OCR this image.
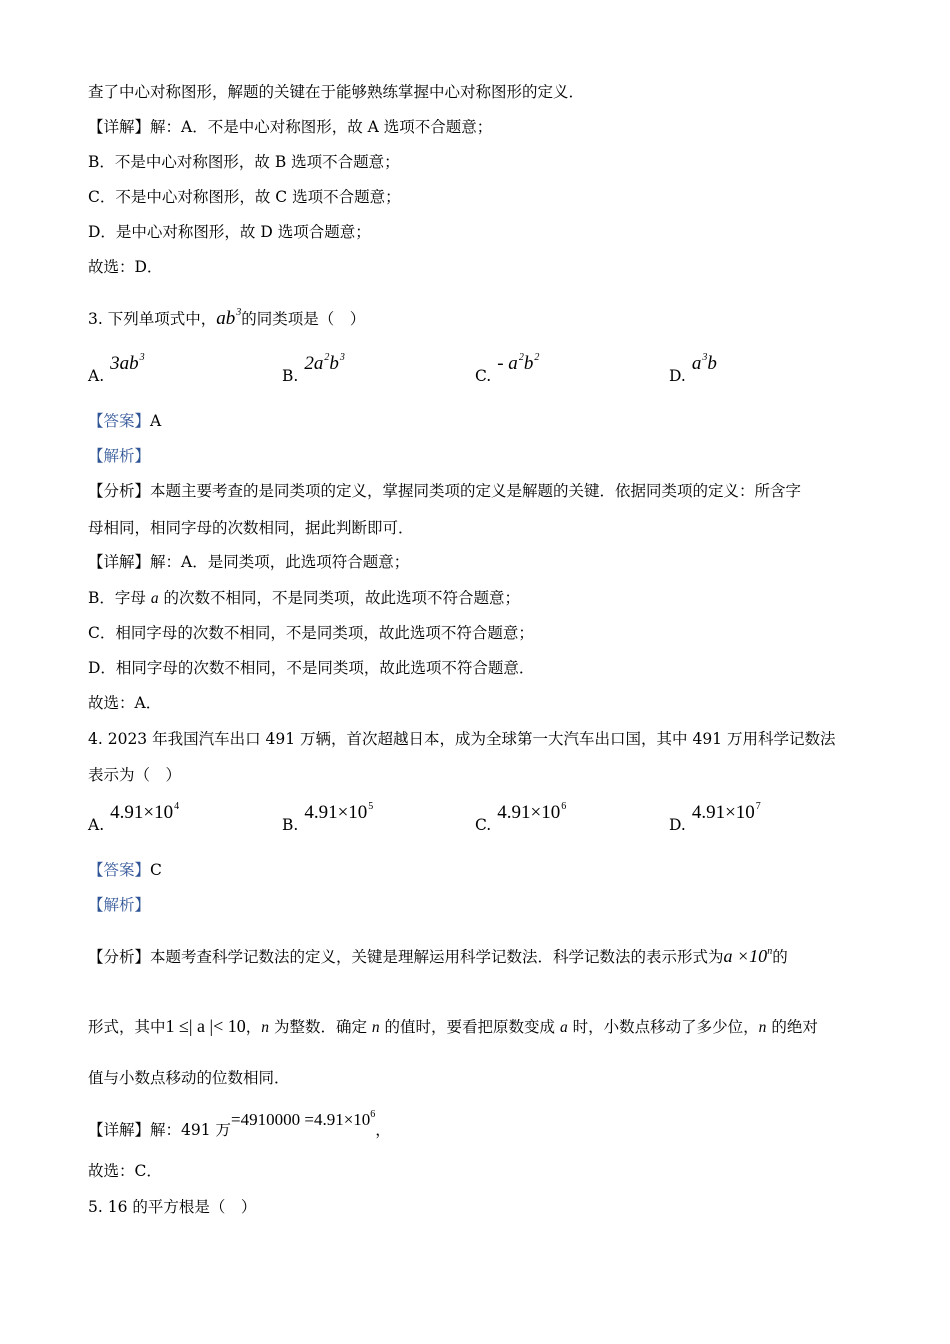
查了中心对称图形，解题的关键在于能够熟练掌握中心对称图形的定义．
【详解】解：A．不是中心对称图形，故 A 选项不合题意；
B．不是中心对称图形，故 B 选项不合题意；
C．不是中心对称图形，故 C 选项不合题意；
D．是中心对称图形，故 D 选项合题意；
故选：D．
3. 下列单项式中，$ab^3$的同类项是（　）
$A.3ab^3$
$B.2a^2b^3$
C.- $a^2b^2$
$D.a^3b$
【答案】A
【解析】
【分析】本题主要考查的是同类项的定义，掌握同类项的定义是解题的关键．依据同类项的定义：所含字
母相同，相同字母的次数相同，据此判断即可．
【详解】解：A．是同类项，此选项符合题意；
B．字母 a 的次数不相同，不是同类项，故此选项不符合题意；
C．相同字母的次数不相同，不是同类项，故此选项不符合题意；
D．相同字母的次数不相同，不是同类项，故此选项不符合题意．
故选：A．
4. 2023 年我国汽车出口 491 万辆，首次超越日本，成为全球第一大汽车出口国，其中 491 万用科学记数法
表示为（　）
$A.4.91\times 10^4$
$B.4.91\times 10^5$
$C.4.91\times 10^6$
$D.4.91\times 10^7$
【答案】C
【解析】
【分析】本题考查科学记数法的定义，关键是理解运用科学记数法．科学记数法的表示形式为$a \times 10^n$的
形式，其中1 ≤| a |< 10，n 为整数．确定 n 的值时，要看把原数变成 a 时，小数点移动了多少位，n 的绝对
值与小数点移动的位数相同．
【详解】解：491 万$=4910000 =4.91\times 10^6$，
故选：C．
5. 16 的平方根是（　）
